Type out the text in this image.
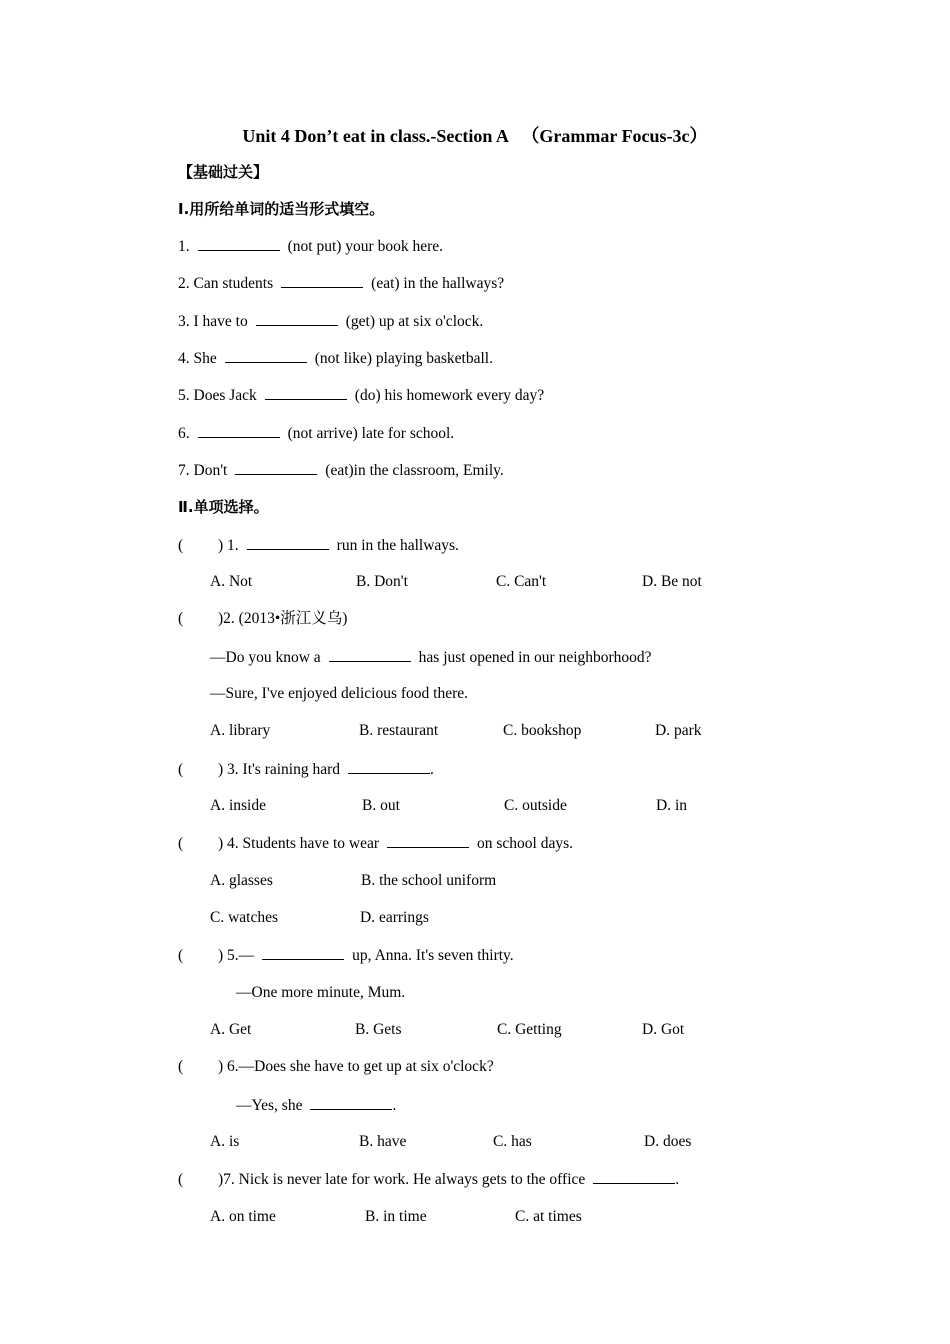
Unit 4 Don’t eat in class.-Section A 　（Grammar Focus-3c）
【基础过关】
Ⅰ.用所给单词的适当形式填空。
1.	(not put) your book here.
2. Can students	(eat) in the hallways?
3. I have to	(get) up at six o'clock.
4. She	(not like) playing basketball.
5. Does Jack	(do) his homework every day?
6.	(not arrive) late for school.
7. Don't	(eat)in the classroom, Emily.
Ⅱ.单项选择。
( ) 1.	run in the hallways.
A. Not	B. Don't	C. Can't	D. Be not
( )2. (2013•浙江义乌)
—Do you know a	has just opened in our neighborhood?
—Sure, I've enjoyed delicious food there.
A. library	B. restaurant	C. bookshop	D. park
( ) 3. It's raining hard	.
A. inside	B. out	C. outside	D. in
( ) 4. Students have to wear	on school days.
A. glasses	B. the school uniform
C. watches	D. earrings
( ) 5.—	up, Anna. It's seven thirty.
—One more minute, Mum.
A. Get	B. Gets	C. Getting	D. Got
( ) 6.—Does she have to get up at six o'clock?
—Yes, she	.
A. is	B. have	C. has	D. does
( )7. Nick is never late for work. He always gets to the office	.
A. on time	B. in time	C. at times
